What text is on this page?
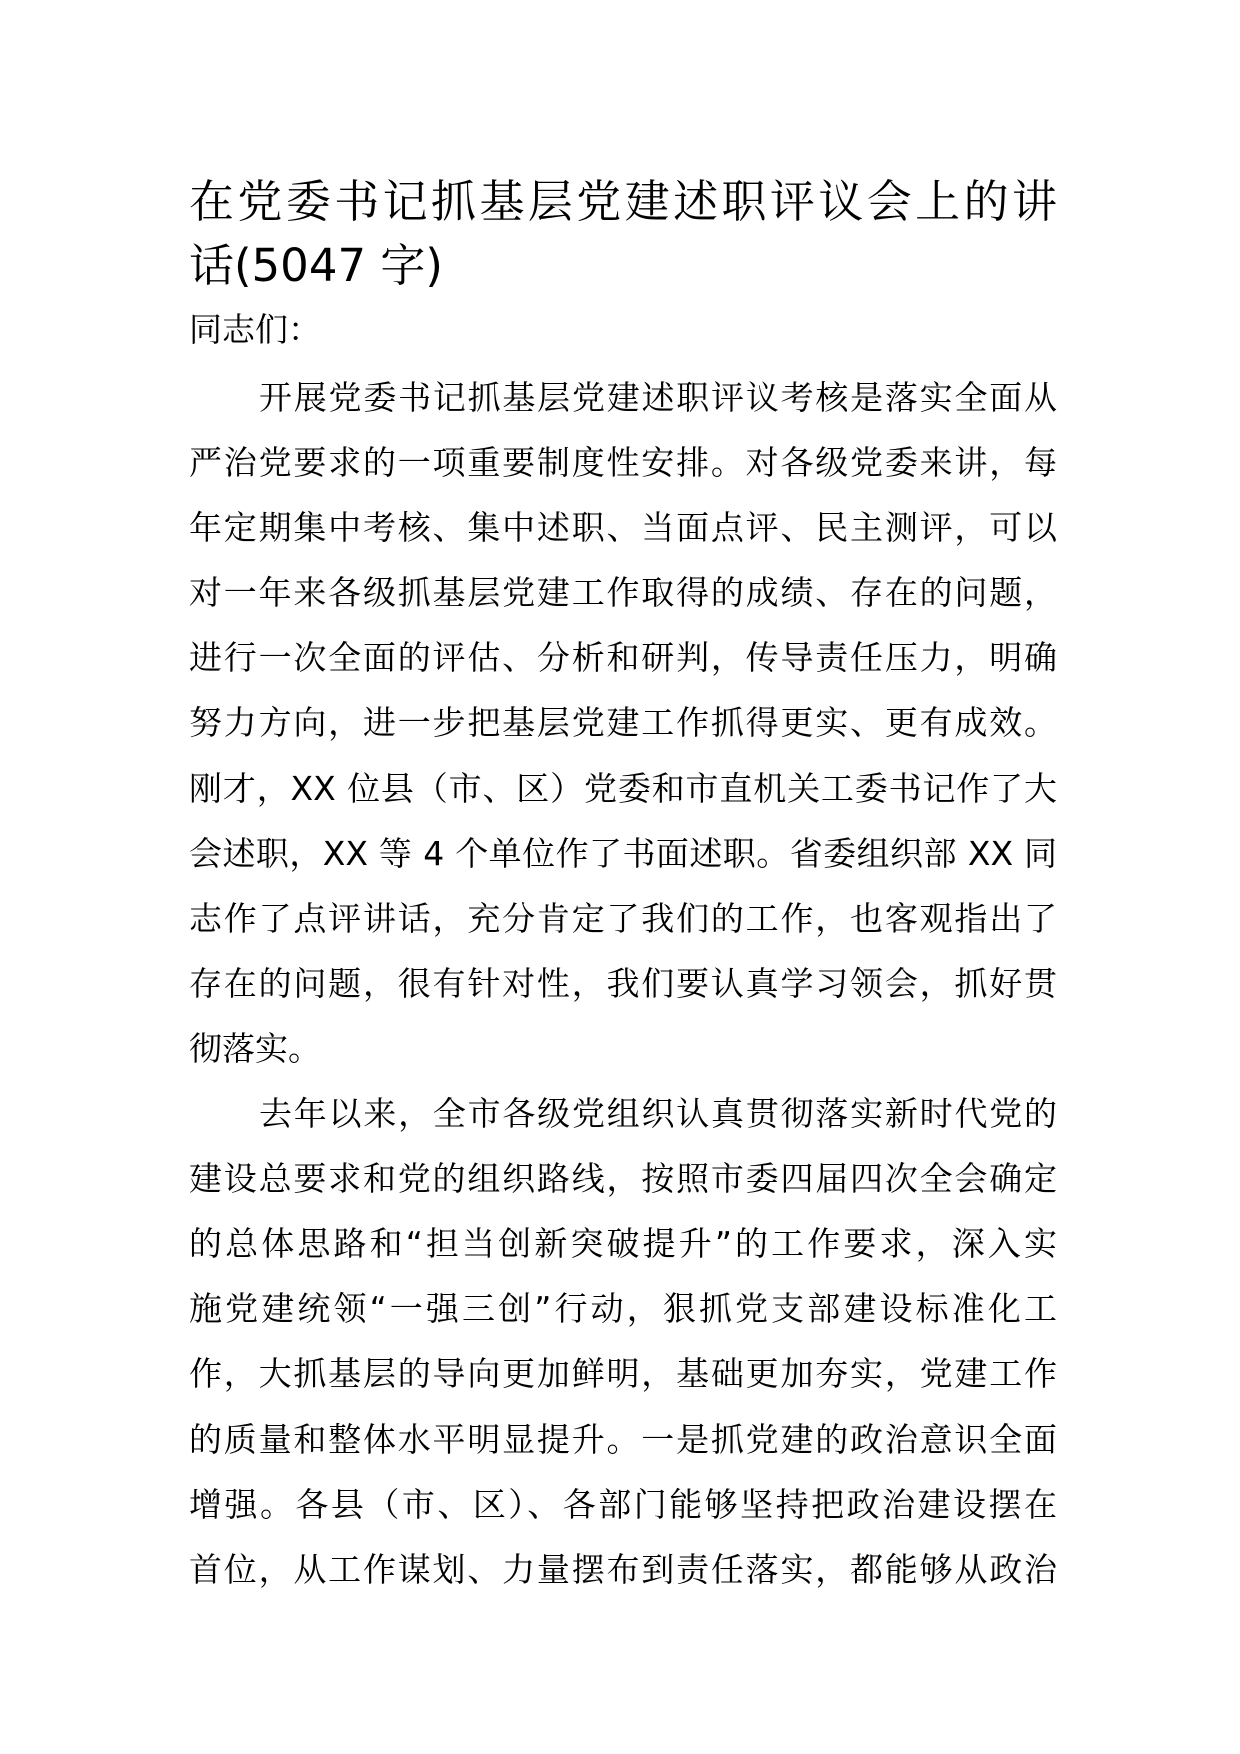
在党委书记抓基层党建述职评议会上的讲
话(5047 字)
同志们：
开展党委书记抓基层党建述职评议考核是落实全面从
严治党要求的一项重要制度性安排。对各级党委来讲，每
年定期集中考核、集中述职、当面点评、民主测评，可以
对一年来各级抓基层党建工作取得的成绩、存在的问题，
进行一次全面的评估、分析和研判，传导责任压力，明确
努力方向，进一步把基层党建工作抓得更实、更有成效。
刚才，XX 位县（市、区）党委和市直机关工委书记作了大
会述职，XX 等 4 个单位作了书面述职。省委组织部 XX 同
志作了点评讲话，充分肯定了我们的工作，也客观指出了
存在的问题，很有针对性，我们要认真学习领会，抓好贯
彻落实。
去年以来，全市各级党组织认真贯彻落实新时代党的
建设总要求和党的组织路线，按照市委四届四次全会确定
的总体思路和“担当创新突破提升”的工作要求，深入实
施党建统领“一强三创”行动，狠抓党支部建设标准化工
作，大抓基层的导向更加鲜明，基础更加夯实，党建工作
的质量和整体水平明显提升。一是抓党建的政治意识全面
增强。各县（市、区）、各部门能够坚持把政治建设摆在
首位，从工作谋划、力量摆布到责任落实，都能够从政治
